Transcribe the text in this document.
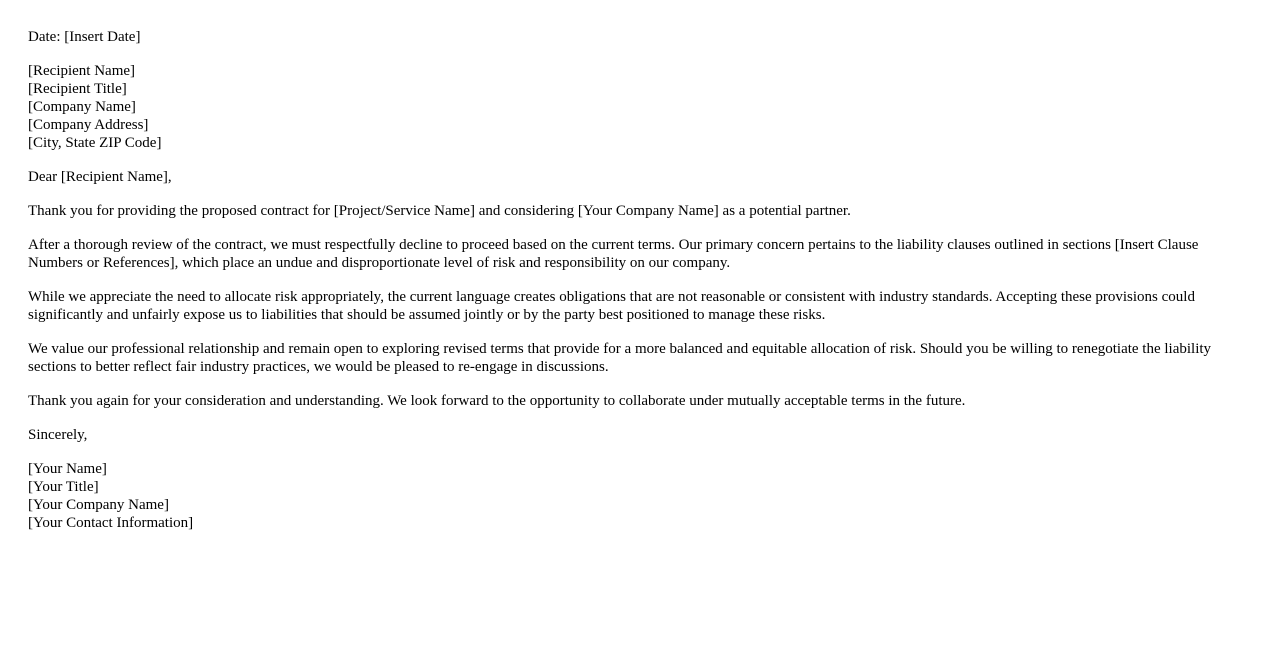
Date: [Insert Date]

[Recipient Name]
[Recipient Title]
[Company Name]
[Company Address]
[City, State ZIP Code]

Dear [Recipient Name],

Thank you for providing the proposed contract for [Project/Service Name] and considering [Your Company Name] as a potential partner.

After a thorough review of the contract, we must respectfully decline to proceed based on the current terms. Our primary concern pertains to the liability clauses outlined in sections [Insert Clause Numbers or References], which place an undue and disproportionate level of risk and responsibility on our company.

While we appreciate the need to allocate risk appropriately, the current language creates obligations that are not reasonable or consistent with industry standards. Accepting these provisions could significantly and unfairly expose us to liabilities that should be assumed jointly or by the party best positioned to manage these risks.

We value our professional relationship and remain open to exploring revised terms that provide for a more balanced and equitable allocation of risk. Should you be willing to renegotiate the liability sections to better reflect fair industry practices, we would be pleased to re-engage in discussions.

Thank you again for your consideration and understanding. We look forward to the opportunity to collaborate under mutually acceptable terms in the future.

Sincerely,

[Your Name]
[Your Title]
[Your Company Name]
[Your Contact Information]
